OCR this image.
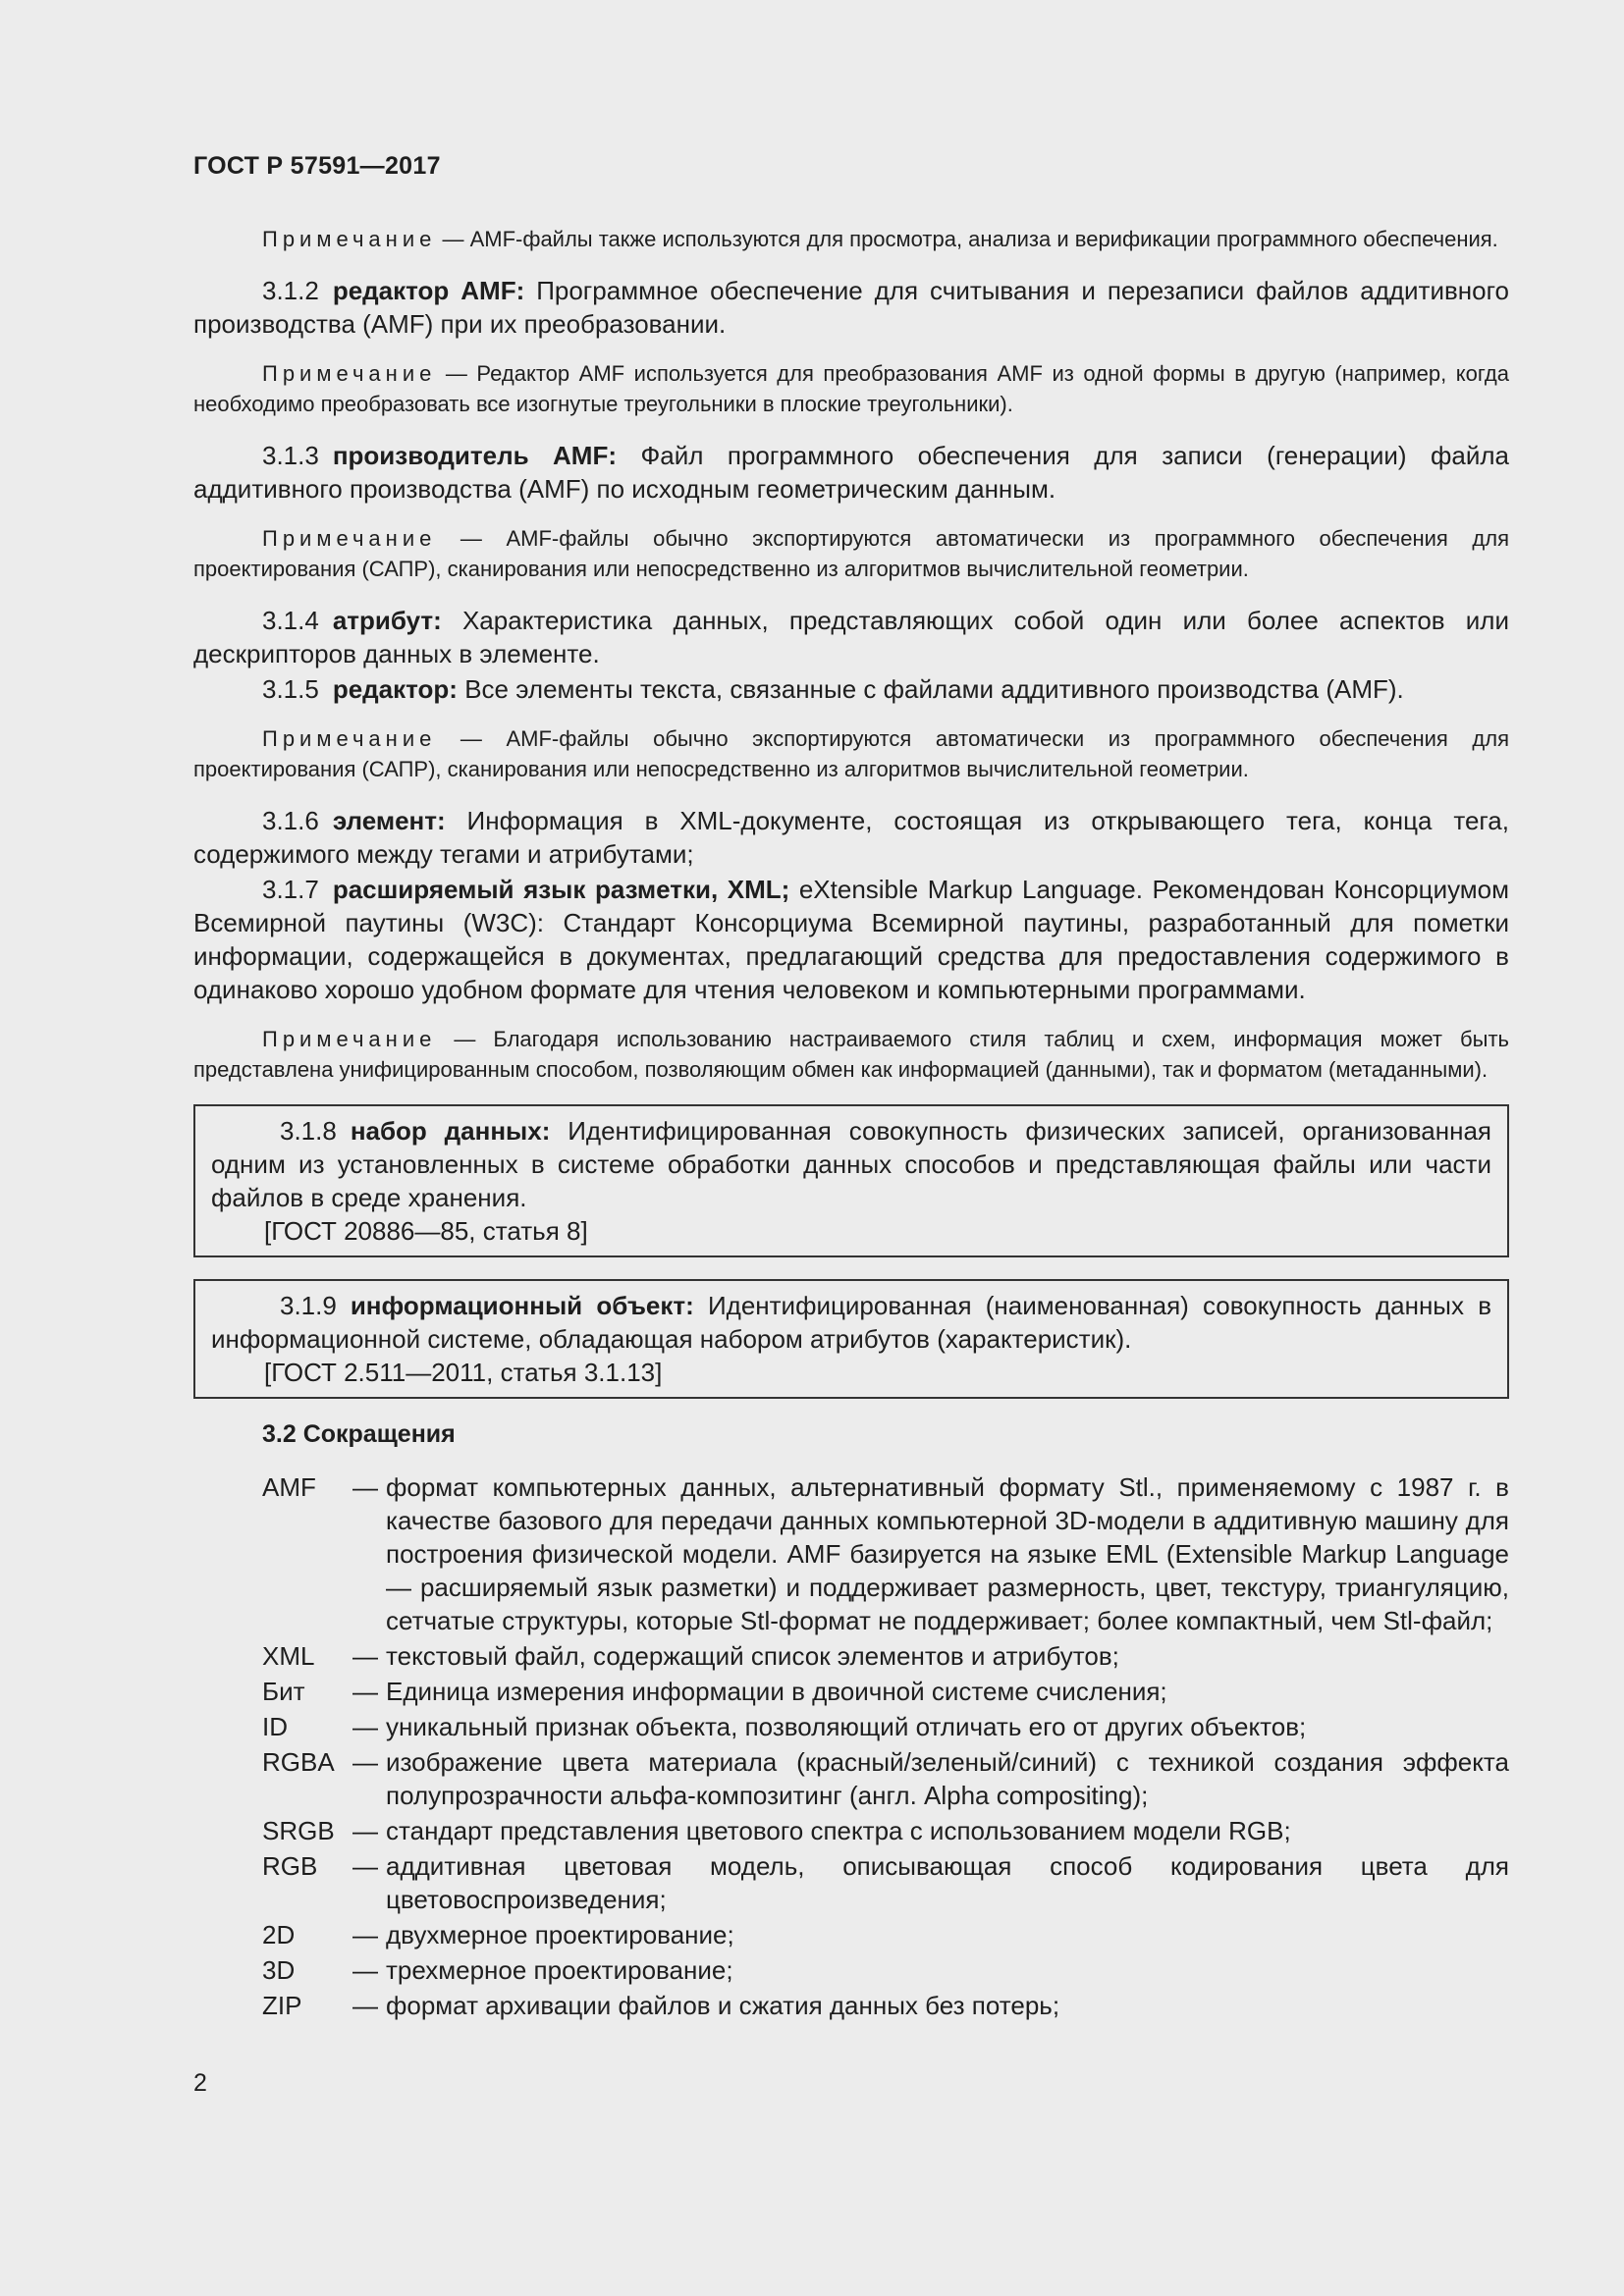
ГОСТ Р 57591—2017

Примечание — AMF-файлы также используются для просмотра, анализа и верификации программного обеспечения.

3.1.2 редактор AMF: Программное обеспечение для считывания и перезаписи файлов аддитивного производства (AMF) при их преобразовании.

Примечание — Редактор AMF используется для преобразования AMF из одной формы в другую (например, когда необходимо преобразовать все изогнутые треугольники в плоские треугольники).

3.1.3 производитель AMF: Файл программного обеспечения для записи (генерации) файла аддитивного производства (AMF) по исходным геометрическим данным.

Примечание — AMF-файлы обычно экспортируются автоматически из программного обеспечения для проектирования (САПР), сканирования или непосредственно из алгоритмов вычислительной геометрии.

3.1.4 атрибут: Характеристика данных, представляющих собой один или более аспектов или дескрипторов данных в элементе.

3.1.5 редактор: Все элементы текста, связанные с файлами аддитивного производства (AMF).

Примечание — AMF-файлы обычно экспортируются автоматически из программного обеспечения для проектирования (САПР), сканирования или непосредственно из алгоритмов вычислительной геометрии.

3.1.6 элемент: Информация в XML-документе, состоящая из открывающего тега, конца тега, содержимого между тегами и атрибутами;

3.1.7 расширяемый язык разметки, XML; eXtensible Markup Language. Рекомендован Консорциумом Всемирной паутины (W3C): Стандарт Консорциума Всемирной паутины, разработанный для пометки информации, содержащейся в документах, предлагающий средства для предоставления содержимого в одинаково хорошо удобном формате для чтения человеком и компьютерными программами.

Примечание — Благодаря использованию настраиваемого стиля таблиц и схем, информация может быть представлена унифицированным способом, позволяющим обмен как информацией (данными), так и форматом (метаданными).

3.1.8 набор данных: Идентифицированная совокупность физических записей, организованная одним из установленных в системе обработки данных способов и представляющая файлы или части файлов в среде хранения.

[ГОСТ 20886—85, статья 8]

3.1.9 информационный объект: Идентифицированная (наименованная) совокупность данных в информационной системе, обладающая набором атрибутов (характеристик).

[ГОСТ 2.511—2011, статья 3.1.13]
3.2 Сокращения
AMF	— формат компьютерных данных, альтернативный формату Stl., применяемому с 1987 г. в качестве базового для передачи данных компьютерной 3D-модели в аддитивную машину для построения физической модели. AMF базируется на языке EML (Extensible Markup Language — расширяемый язык разметки) и поддерживает размерность, цвет, текстуру, триангуляцию, сетчатые структуры, которые Stl-формат не поддерживает; более компактный, чем Stl-файл;
XML	— текстовый файл, содержащий список элементов и атрибутов;
Бит	— Единица измерения информации в двоичной системе счисления;
ID	— уникальный признак объекта, позволяющий отличать его от других объектов;
RGBA — изображение цвета материала (красный/зеленый/синий) с техникой создания эффекта полупрозрачности альфа-композитинг (англ. Alpha compositing);
SRGB — стандарт представления цветового спектра с использованием модели RGB;
RGB	— аддитивная цветовая модель, описывающая способ кодирования цвета для цветовоспроизведения;
2D	— двухмерное проектирование;
3D	— трехмерное проектирование;
ZIP	— формат архивации файлов и сжатия данных без потерь;
2
